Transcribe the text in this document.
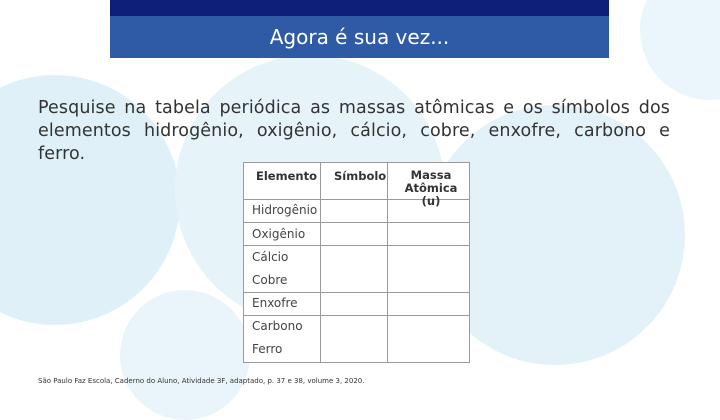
Agora é sua vez...
Pesquise na tabela periódica as massas atômicas e os símbolos dos elementos hidrogênio, oxigênio, cálcio, cobre, enxofre, carbono e ferro.
Elemento Símbolo	Massa
Atômica (u)
Hidrogênio
Oxigênio
Cálcio
Cobre
Enxofre
Carbono
Ferro
São Paulo Faz Escola, Caderno do Aluno, Atividade 3F, adaptado, p. 37 e 38, volume 3, 2020.
